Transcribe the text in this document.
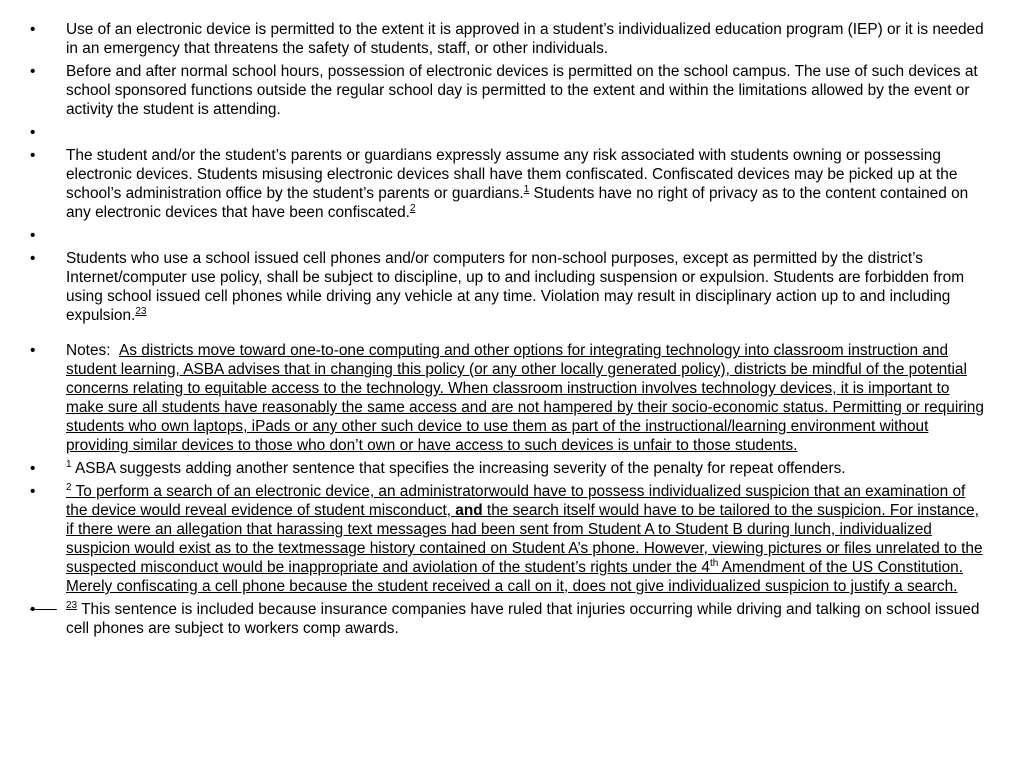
•	Use of an electronic device is permitted to the extent it is approved in a student’s individualized education program (IEP) or it is needed in an emergency that threatens the safety of students, staff, or other individuals.
•	Before and after normal school hours, possession of electronic devices is permitted on the school campus. The use of such devices at school sponsored functions outside the regular school day is permitted to the extent and within the limitations allowed by the event or activity the student is attending.
•
•	The student and/or the student’s parents or guardians expressly assume any risk associated with students owning or possessing electronic devices. Students misusing electronic devices shall have them confiscated. Confiscated devices may be picked up at the school’s administration office by the student’s parents or guardians.$^1$ Students have no right of privacy as to the content contained on any electronic devices that have been confiscated.$^2$
•
•	Students who use a school issued cell phones and/or computers for non-school purposes, except as permitted by the district’s Internet/computer use policy, shall be subject to discipline, up to and including suspension or expulsion. Students are forbidden from using school issued cell phones while driving any vehicle at any time. Violation may result in disciplinary action up to and including expulsion.$^{23}$
•	Notes: As districts move toward one-to-one computing and other options for integrating technology into classroom instruction and student learning, ASBA advises that in changing this policy (or any other locally generated policy), districts be mindful of the potential concerns relating to equitable access to the technology. When classroom instruction involves technology devices, it is important to make sure all students have reasonably the same access and are not hampered by their socio-economic status. Permitting or requiring students who own laptops, iPads or any other such device to use them as part of the instructional/learning environment without providing similar devices to those who don’t own or have access to such devices is unfair to those students.
•	$^1$ ASBA suggests adding another sentence that specifies the increasing severity of the penalty for repeat offenders.
•	$^2$ To perform a search of an electronic device, an administratorwould have to possess individualized suspicion that an examination of the device would reveal evidence of student misconduct, and the search itself would have to be tailored to the suspicion. For instance, if there were an allegation that harassing text messages had been sent from Student A to Student B during lunch, individualized suspicion would exist as to the textmessage history contained on Student A’s phone. However, viewing pictures or files unrelated to the suspected misconduct would be inappropriate and aviolation of the student’s rights under the 4th Amendment of the US Constitution. Merely confiscating a cell phone because the student received a call on it, does not give individualized suspicion to justify a search.
•	$^{23}$ This sentence is included because insurance companies have ruled that injuries occurring while driving and talking on school issued cell phones are subject to workers comp awards.
